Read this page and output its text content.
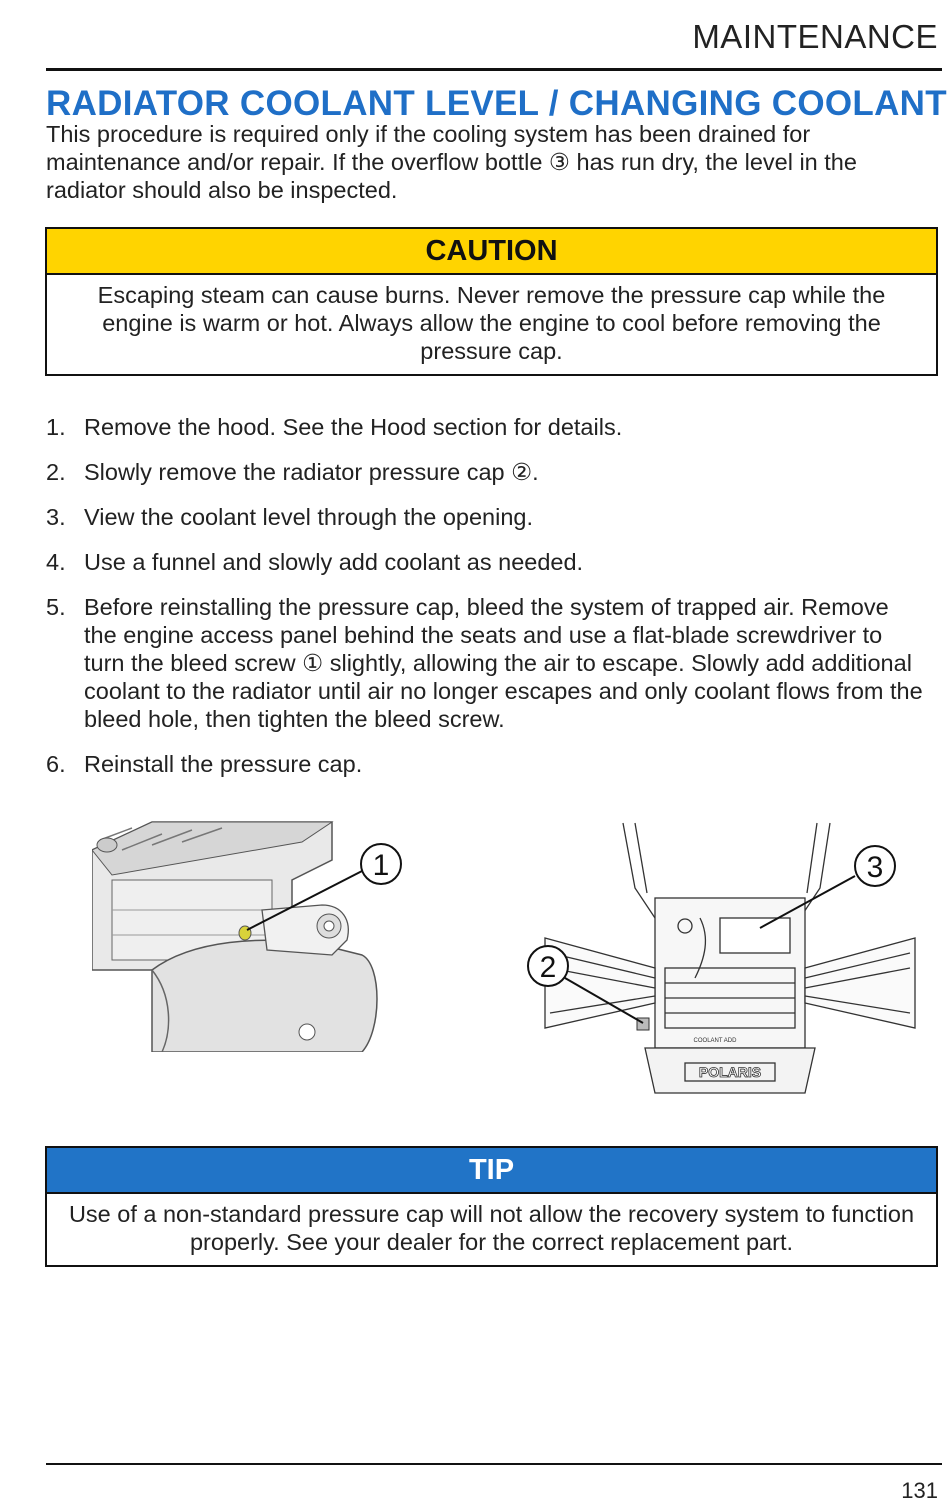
MAINTENANCE
RADIATOR COOLANT LEVEL / CHANGING COOLANT
This procedure is required only if the cooling system has been drained for maintenance and/or repair. If the overflow bottle ③ has run dry, the level in the radiator should also be inspected.
CAUTION
Escaping steam can cause burns. Never remove the pressure cap while the engine is warm or hot. Always allow the engine to cool before removing the pressure cap.
1. Remove the hood. See the Hood section for details.
2. Slowly remove the radiator pressure cap ②.
3. View the coolant level through the opening.
4. Use a funnel and slowly add coolant as needed.
5. Before reinstalling the pressure cap, bleed the system of trapped air. Remove the engine access panel behind the seats and use a flat-blade screwdriver to turn the bleed screw ① slightly, allowing the air to escape. Slowly add additional coolant to the radiator until air no longer escapes and only coolant flows from the bleed hole, then tighten the bleed screw.
6. Reinstall the pressure cap.
1
POLARIS
COOLANT ADD
2
3
TIP
Use of a non-standard pressure cap will not allow the recovery system to function properly. See your dealer for the correct replacement part.
131
